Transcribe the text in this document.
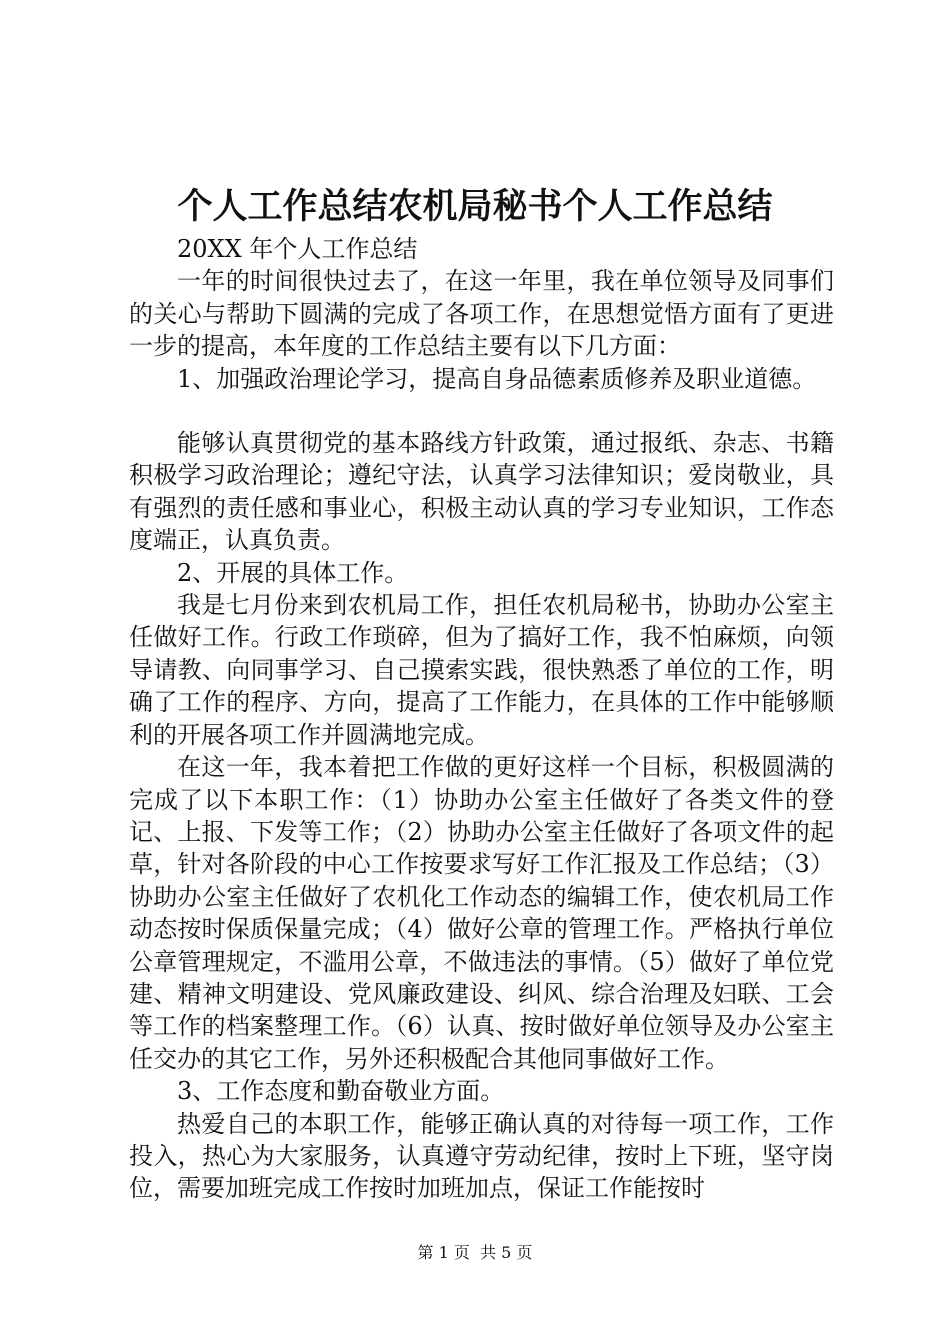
个人工作总结农机局秘书个人工作总结

20XX 年个人工作总结

一年的时间很快过去了，在这一年里，我在单位领导及同事们的关心与帮助下圆满的完成了各项工作，在思想觉悟方面有了更进一步的提高，本年度的工作总结主要有以下几方面：

1、加强政治理论学习，提高自身品德素质修养及职业道德。

能够认真贯彻党的基本路线方针政策，通过报纸、杂志、书籍积极学习政治理论；遵纪守法，认真学习法律知识；爱岗敬业，具有强烈的责任感和事业心，积极主动认真的学习专业知识，工作态度端正，认真负责。

2、开展的具体工作。

我是七月份来到农机局工作，担任农机局秘书，协助办公室主任做好工作。行政工作琐碎，但为了搞好工作，我不怕麻烦，向领导请教、向同事学习、自己摸索实践，很快熟悉了单位的工作，明确了工作的程序、方向，提高了工作能力，在具体的工作中能够顺利的开展各项工作并圆满地完成。

在这一年，我本着把工作做的更好这样一个目标，积极圆满的完成了以下本职工作：（1）协助办公室主任做好了各类文件的登记、上报、下发等工作；（2）协助办公室主任做好了各项文件的起草，针对各阶段的中心工作按要求写好工作汇报及工作总结；（3）协助办公室主任做好了农机化工作动态的编辑工作，使农机局工作动态按时保质保量完成；（4）做好公章的管理工作。严格执行单位公章管理规定，不滥用公章，不做违法的事情。（5）做好了单位党建、精神文明建设、党风廉政建设、纠风、综合治理及妇联、工会等工作的档案整理工作。（6）认真、按时做好单位领导及办公室主任交办的其它工作，另外还积极配合其他同事做好工作。

3、工作态度和勤奋敬业方面。

热爱自己的本职工作，能够正确认真的对待每一项工作，工作投入，热心为大家服务，认真遵守劳动纪律，按时上下班，坚守岗位，需要加班完成工作按时加班加点，保证工作能按时

第 1 页  共 5 页
